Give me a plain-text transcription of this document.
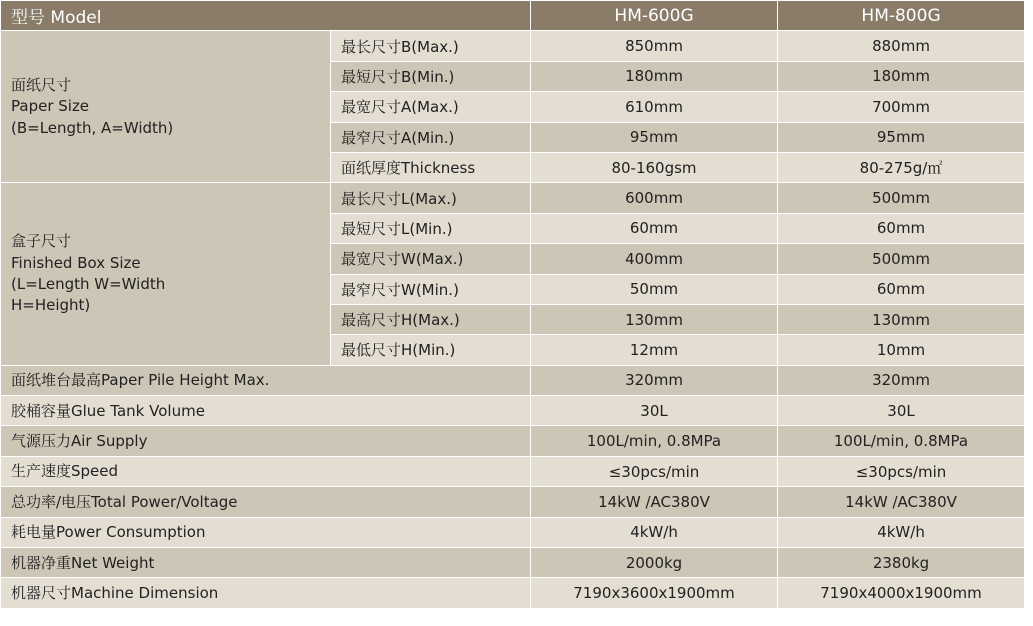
型号 Model		HM-600G	HM-800G

面纸尺寸
Paper Size
(B=Length, A=Width)	最长尺寸B(Max.)	850mm	880mm
	最短尺寸B(Min.)	180mm	180mm
	最宽尺寸A(Max.)	610mm	700mm
	最窄尺寸A(Min.)	95mm	95mm
	面纸厚度Thickness	80-160gsm	80-275g/㎡

盒子尺寸
Finished Box Size
(L=Length W=Width
H=Height)	最长尺寸L(Max.)	600mm	500mm
	最短尺寸L(Min.)	60mm	60mm
	最宽尺寸W(Max.)	400mm	500mm
	最窄尺寸W(Min.)	50mm	60mm
	最高尺寸H(Max.)	130mm	130mm
	最低尺寸H(Min.)	12mm	10mm
面纸堆台最高Paper Pile Height Max.		320mm	320mm
胶桶容量Glue Tank Volume		30L	30L
气源压力Air Supply		100L/min, 0.8MPa	100L/min, 0.8MPa
生产速度Speed		≤30pcs/min	≤30pcs/min
总功率/电压Total Power/Voltage		14kW /AC380V	14kW /AC380V
耗电量Power Consumption		4kW/h	4kW/h
机器净重Net Weight		2000kg	2380kg
机器尺寸Machine Dimension		7190x3600x1900mm	7190x4000x1900mm
